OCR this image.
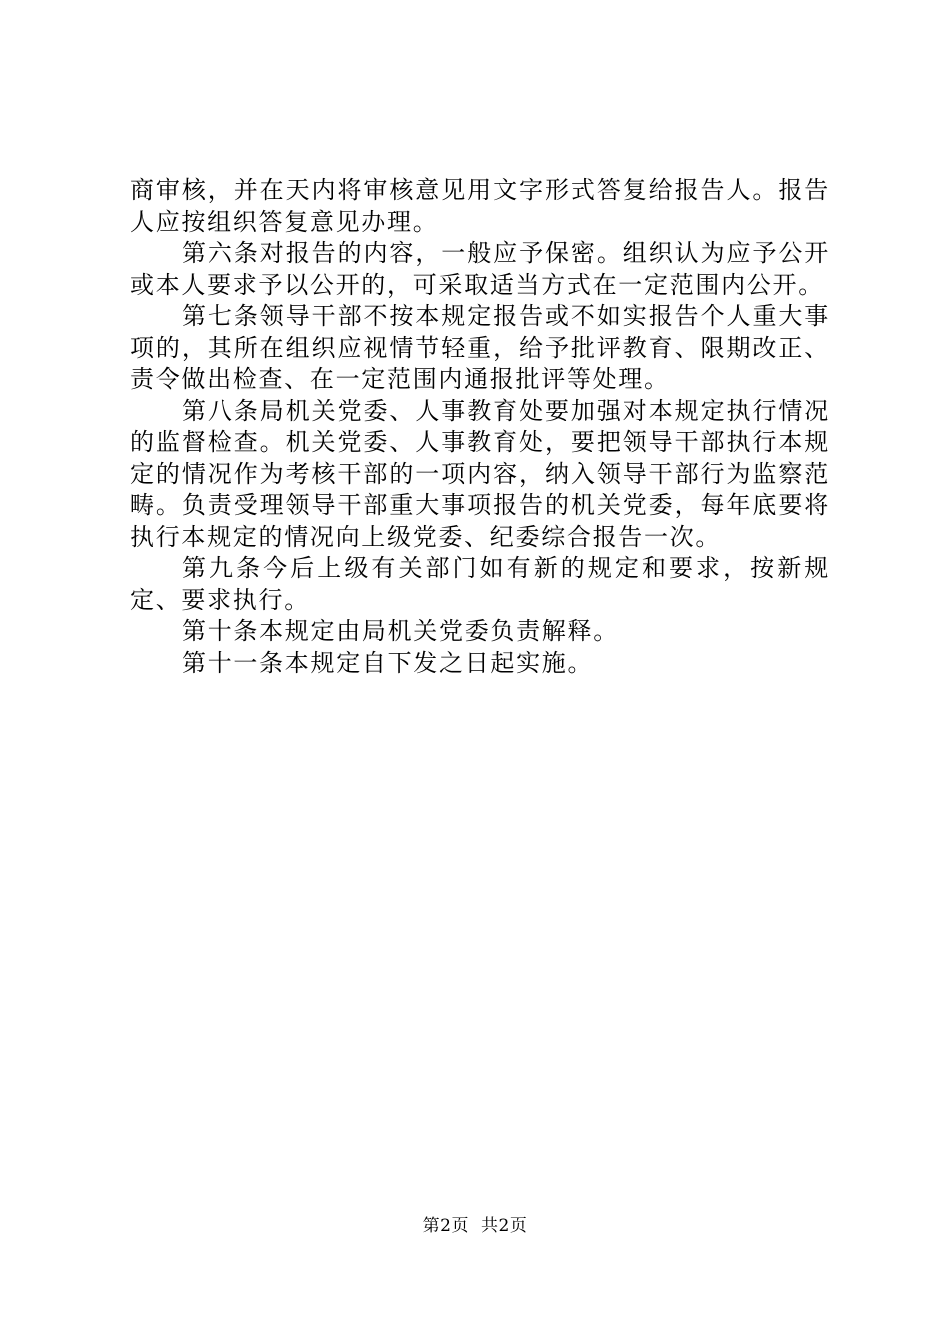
商审核，并在天内将审核意见用文字形式答复给报告人。报告人应按组织答复意见办理。

第六条对报告的内容，一般应予保密。组织认为应予公开或本人要求予以公开的，可采取适当方式在一定范围内公开。

第七条领导干部不按本规定报告或不如实报告个人重大事项的，其所在组织应视情节轻重，给予批评教育、限期改正、责令做出检查、在一定范围内通报批评等处理。

第八条局机关党委、人事教育处要加强对本规定执行情况的监督检查。机关党委、人事教育处，要把领导干部执行本规定的情况作为考核干部的一项内容，纳入领导干部行为监察范畴。负责受理领导干部重大事项报告的机关党委，每年底要将执行本规定的情况向上级党委、纪委综合报告一次。

第九条今后上级有关部门如有新的规定和要求，按新规定、要求执行。

第十条本规定由局机关党委负责解释。

第十一条本规定自下发之日起实施。

第2页 共2页
